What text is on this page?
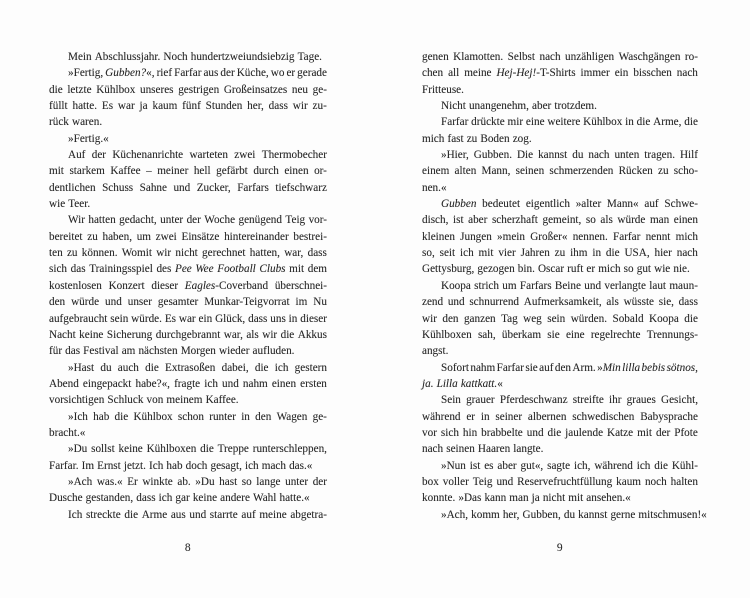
Mein Abschlussjahr. Noch hundertzweiundsiebzig Tage.
»Fertig, Gubben?«, rief Farfar aus der Küche, wo er gerade
die letzte Kühlbox unseres gestrigen Großeinsatzes neu ge-
füllt hatte. Es war ja kaum fünf Stunden her, dass wir zu-
rück waren.
»Fertig.«
Auf der Küchenanrichte warteten zwei Thermobecher
mit starkem Kaffee – meiner hell gefärbt durch einen or-
dentlichen Schuss Sahne und Zucker, Farfars tiefschwarz
wie Teer.
Wir hatten gedacht, unter der Woche genügend Teig vor-
bereitet zu haben, um zwei Einsätze hintereinander bestrei-
ten zu können. Womit wir nicht gerechnet hatten, war, dass
sich das Trainingsspiel des Pee Wee Football Clubs mit dem
kostenlosen Konzert dieser Eagles-Coverband überschnei-
den würde und unser gesamter Munkar-Teigvorrat im Nu
aufgebraucht sein würde. Es war ein Glück, dass uns in dieser
Nacht keine Sicherung durchgebrannt war, als wir die Akkus
für das Festival am nächsten Morgen wieder aufluden.
»Hast du auch die Extrasoßen dabei, die ich gestern
Abend eingepackt habe?«, fragte ich und nahm einen ersten
vorsichtigen Schluck von meinem Kaffee.
»Ich hab die Kühlbox schon runter in den Wagen ge-
bracht.«
»Du sollst keine Kühlboxen die Treppe runterschleppen,
Farfar. Im Ernst jetzt. Ich hab doch gesagt, ich mach das.«
»Ach was.« Er winkte ab. »Du hast so lange unter der
Dusche gestanden, dass ich gar keine andere Wahl hatte.«
Ich streckte die Arme aus und starrte auf meine abgetra-
8
genen Klamotten. Selbst nach unzähligen Waschgängen ro-
chen all meine Hej-Hej!-T-Shirts immer ein bisschen nach
Fritteuse.
Nicht unangenehm, aber trotzdem.
Farfar drückte mir eine weitere Kühlbox in die Arme, die
mich fast zu Boden zog.
»Hier, Gubben. Die kannst du nach unten tragen. Hilf
einem alten Mann, seinen schmerzenden Rücken zu scho-
nen.«
Gubben bedeutet eigentlich »alter Mann« auf Schwe-
disch, ist aber scherzhaft gemeint, so als würde man einen
kleinen Jungen »mein Großer« nennen. Farfar nennt mich
so, seit ich mit vier Jahren zu ihm in die USA, hier nach
Gettysburg, gezogen bin. Oscar ruft er mich so gut wie nie.
Koopa strich um Farfars Beine und verlangte laut maun-
zend und schnurrend Aufmerksamkeit, als wüsste sie, dass
wir den ganzen Tag weg sein würden. Sobald Koopa die
Kühlboxen sah, überkam sie eine regelrechte Trennungs-
angst.
Sofort nahm Farfar sie auf den Arm. »Min lilla bebis sötnos,
ja. Lilla kattkatt.«
Sein grauer Pferdeschwanz streifte ihr graues Gesicht,
während er in seiner albernen schwedischen Babysprache
vor sich hin brabbelte und die jaulende Katze mit der Pfote
nach seinen Haaren langte.
»Nun ist es aber gut«, sagte ich, während ich die Kühl-
box voller Teig und Reservefruchtfüllung kaum noch halten
konnte. »Das kann man ja nicht mit ansehen.«
»Ach, komm her, Gubben, du kannst gerne mitschmusen!«
9
